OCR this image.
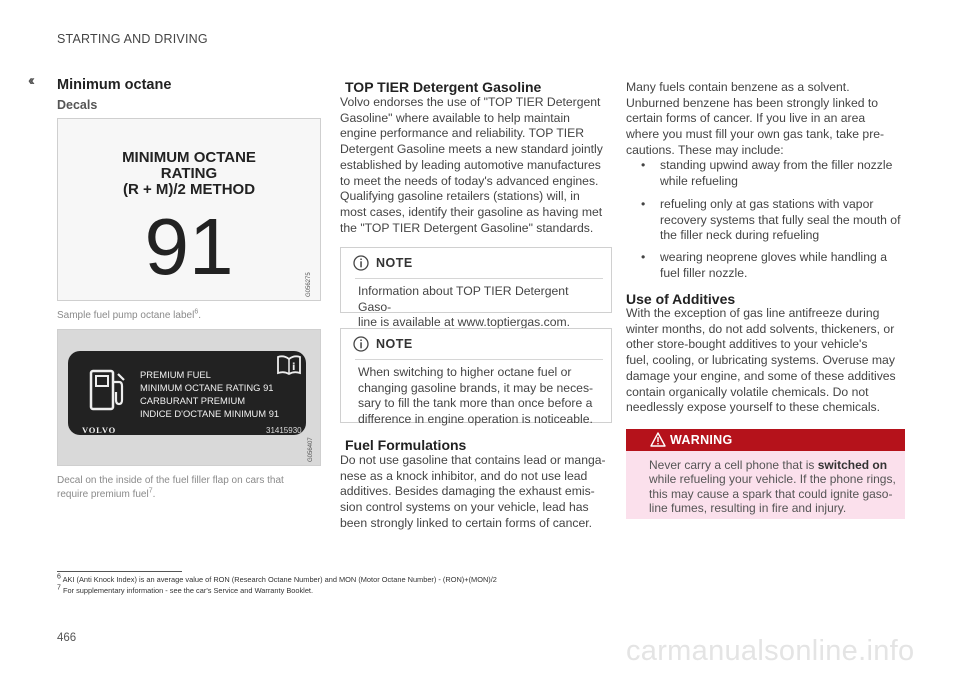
STARTING AND DRIVING
‹‹ Minimum octane
Decals
MINIMUM OCTANE
RATING
(R + M)/2 METHOD
91	G056275
Sample fuel pump octane label$^6$.
i
PREMIUM FUEL
MINIMUM OCTANE RATING 91
CARBURANT PREMIUM
INDICE D'OCTANE MINIMUM 91
VOLVO	31415930
G056407
Decal on the inside of the fuel filler flap on cars that
require premium fuel$^7$.
TOP TIER Detergent Gasoline
Volvo endorses the use of "TOP TIER Detergent
Gasoline" where available to help maintain
engine performance and reliability. TOP TIER
Detergent Gasoline meets a new standard jointly
established by leading automotive manufactures
to meet the needs of today's advanced engines.
Qualifying gasoline retailers (stations) will, in
most cases, identify their gasoline as having met
the "TOP TIER Detergent Gasoline" standards.
NOTE
Information about TOP TIER Detergent Gaso-
line is available at www.toptiergas.com.
NOTE
When switching to higher octane fuel or
changing gasoline brands, it may be neces-
sary to fill the tank more than once before a
difference in engine operation is noticeable.
Fuel Formulations
Do not use gasoline that contains lead or manga-
nese as a knock inhibitor, and do not use lead
additives. Besides damaging the exhaust emis-
sion control systems on your vehicle, lead has
been strongly linked to certain forms of cancer.
Many fuels contain benzene as a solvent.
Unburned benzene has been strongly linked to
certain forms of cancer. If you live in an area
where you must fill your own gas tank, take pre-
cautions. These may include:
• standing upwind away from the filler nozzle
while refueling
• refueling only at gas stations with vapor
recovery systems that fully seal the mouth of
the filler neck during refueling
• wearing neoprene gloves while handling a
fuel filler nozzle.
Use of Additives
With the exception of gas line antifreeze during
winter months, do not add solvents, thickeners, or
other store-bought additives to your vehicle's
fuel, cooling, or lubricating systems. Overuse may
damage your engine, and some of these additives
contain organically volatile chemicals. Do not
needlessly expose yourself to these chemicals.
WARNING
Never carry a cell phone that is switched on
while refueling your vehicle. If the phone rings,
this may cause a spark that could ignite gaso-
line fumes, resulting in fire and injury.
$^6$ AKI (Anti Knock Index) is an average value of RON (Research Octane Number) and MON (Motor Octane Number) - (RON)+(MON)/2
$^7$ For supplementary information - see the car's Service and Warranty Booklet.
466	carmanualsonline.info
